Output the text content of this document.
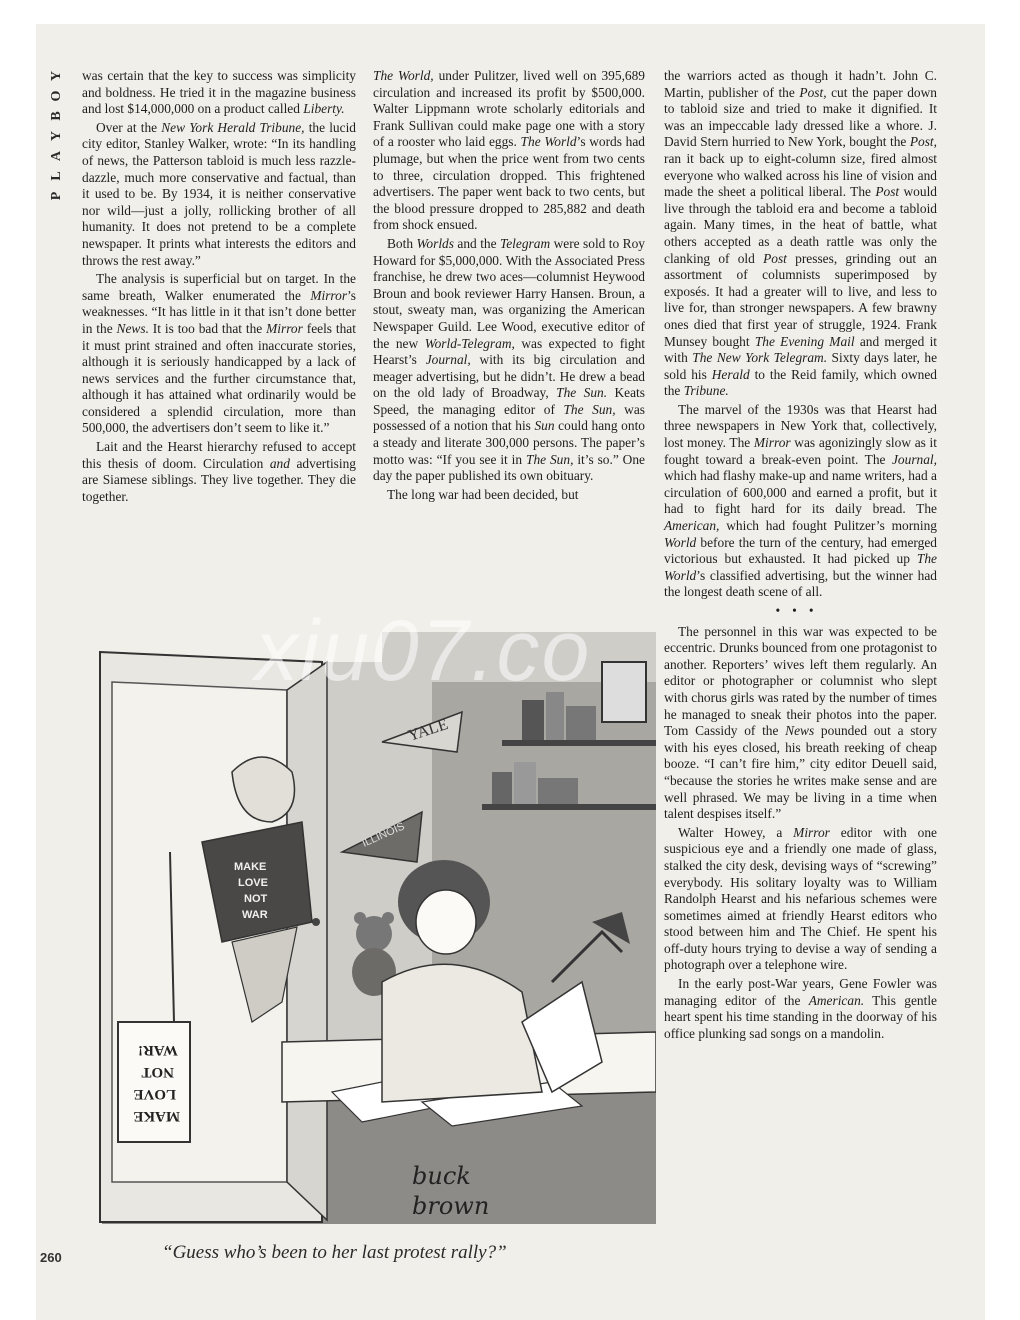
Y
O
B
Y
A
L
P

was certain that the key to success was simplicity and boldness. He tried it in the magazine business and lost $14,000,000 on a product called Liberty.

Over at the New York Herald Tribune, the lucid city editor, Stanley Walker, wrote: “In its handling of news, the Patterson tabloid is much less razzle-dazzle, much more conservative and factual, than it used to be. By 1934, it is neither conservative nor wild—just a jolly, rollicking brother of all humanity. It does not pretend to be a complete newspaper. It prints what interests the editors and throws the rest away.”

The analysis is superficial but on target. In the same breath, Walker enumerated the Mirror’s weaknesses. “It has little in it that isn’t done better in the News. It is too bad that the Mirror feels that it must print strained and often inaccurate stories, although it is seriously handicapped by a lack of news services and the further circumstance that, although it has attained what ordinarily would be considered a splendid circulation, more than 500,000, the advertisers don’t seem to like it.”

Lait and the Hearst hierarchy refused to accept this thesis of doom. Circulation and advertising are Siamese siblings. They live together. They die together.

The World, under Pulitzer, lived well on 395,689 circulation and increased its profit by $500,000. Walter Lippmann wrote scholarly editorials and Frank Sullivan could make page one with a story of a rooster who laid eggs. The World’s words had plumage, but when the price went from two cents to three, circulation dropped. This frightened advertisers. The paper went back to two cents, but the blood pressure dropped to 285,882 and death from shock ensued.

Both Worlds and the Telegram were sold to Roy Howard for $5,000,000. With the Associated Press franchise, he drew two aces—columnist Heywood Broun and book reviewer Harry Hansen. Broun, a stout, sweaty man, was organizing the American Newspaper Guild. Lee Wood, executive editor of the new World-Telegram, was expected to fight Hearst’s Journal, with its big circulation and meager advertising, but he didn’t. He drew a bead on the old lady of Broadway, The Sun. Keats Speed, the managing editor of The Sun, was possessed of a notion that his Sun could hang onto a steady and literate 300,000 persons. The paper’s motto was: “If you see it in The Sun, it’s so.” One day the paper published its own obituary.

The long war had been decided, but

the warriors acted as though it hadn’t. John C. Martin, publisher of the Post, cut the paper down to tabloid size and tried to make it dignified. It was an impeccable lady dressed like a whore. J. David Stern hurried to New York, bought the Post, ran it back up to eight-column size, fired almost everyone who walked across his line of vision and made the sheet a political liberal. The Post would live through the tabloid era and become a tabloid again. Many times, in the heat of battle, what others accepted as a death rattle was only the clanking of old Post presses, grinding out an assortment of columnists superimposed by exposés. It had a greater will to live, and less to live for, than stronger newspapers. A few brawny ones died that first year of struggle, 1924. Frank Munsey bought The Evening Mail and merged it with The New York Telegram. Sixty days later, he sold his Herald to the Reid family, which owned the Tribune.

The marvel of the 1930s was that Hearst had three newspapers in New York that, collectively, lost money. The Mirror was agonizingly slow as it fought toward a break-even point. The Journal, which had flashy make-up and name writers, had a circulation of 600,000 and earned a profit, but it had to fight hard for its daily bread. The American, which had fought Pulitzer’s morning World before the turn of the century, had emerged victorious but exhausted. It had picked up The World’s classified advertising, but the winner had the longest death scene of all.

•••

The personnel in this war was expected to be eccentric. Drunks bounced from one protagonist to another. Reporters’ wives left them regularly. An editor or photographer or columnist who slept with chorus girls was rated by the number of times he managed to sneak their photos into the paper. Tom Cassidy of the News pounded out a story with his eyes closed, his breath reeking of cheap booze. “I can’t fire him,” city editor Deuell said, “because the stories he writes make sense and are well phrased. We may be living in a time when talent despises itself.”

Walter Howey, a Mirror editor with one suspicious eye and a friendly one made of glass, stalked the city desk, devising ways of “screwing” everybody. His solitary loyalty was to William Randolph Hearst and his nefarious schemes were sometimes aimed at friendly Hearst editors who stood between him and The Chief. He spent his off-duty hours trying to devise a way of sending a photograph over a telephone wire.

In the early post-War years, Gene Fowler was managing editor of the American. This gentle heart spent his time standing in the doorway of his office plunking sad songs on a mandolin.

YALE
ILLINOIS
MAKE
LOVE
NOT
WAR
MAKE
LOVE
NOT
WAR!
buck
brown
xiu07.co
“Guess who’s been to her last protest rally?”
260
